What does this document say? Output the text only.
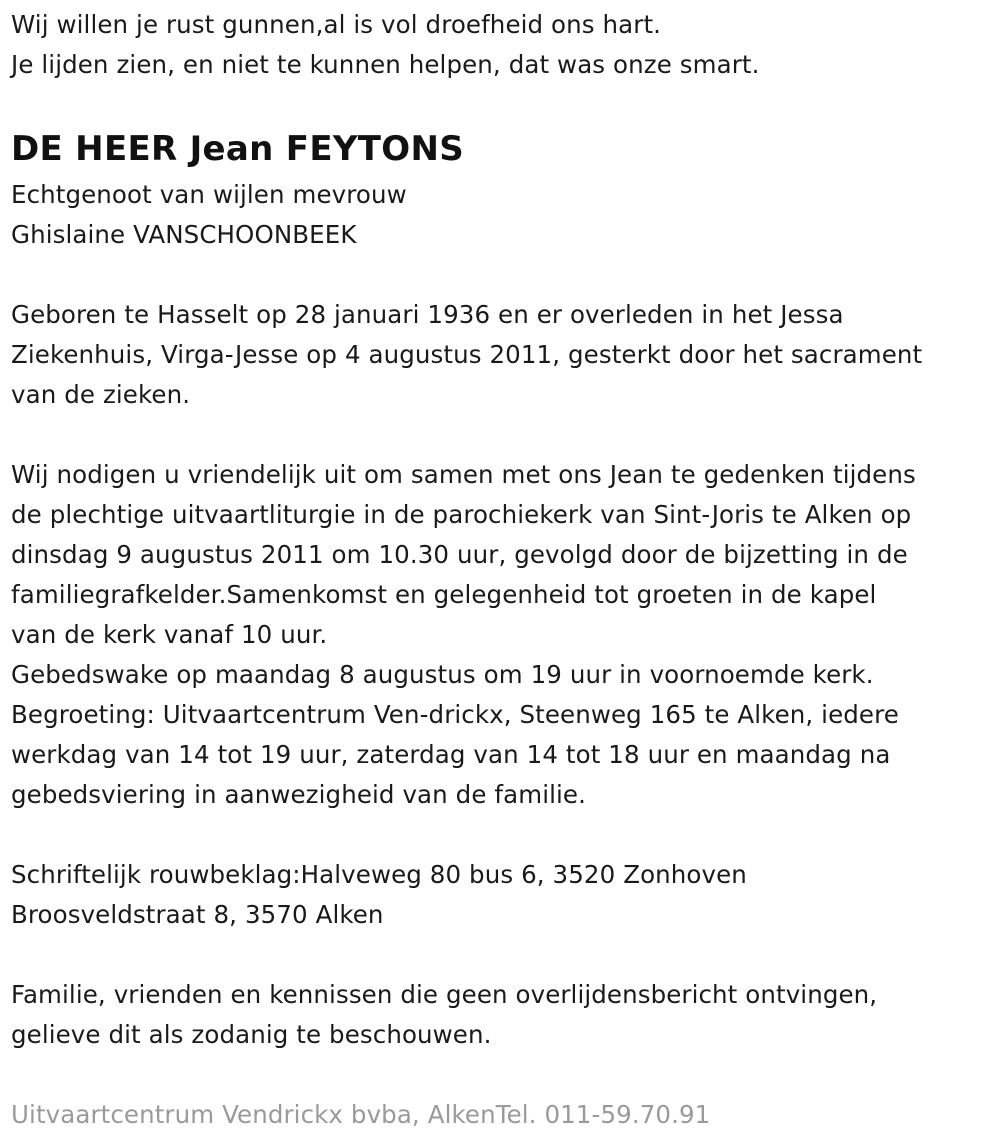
Wij willen je rust gunnen,al is vol droefheid ons hart.
Je lijden zien, en niet te kunnen helpen, dat was onze smart.
DE HEER Jean FEYTONS
Echtgenoot van wijlen mevrouw
Ghislaine VANSCHOONBEEK
Geboren te Hasselt op 28 januari 1936 en er overleden in het Jessa
Ziekenhuis, Virga-Jesse op 4 augustus 2011, gesterkt door het sacrament
van de zieken.
Wij nodigen u vriendelijk uit om samen met ons Jean te gedenken tijdens
de plechtige uitvaartliturgie in de parochiekerk van Sint-Joris te Alken op
dinsdag 9 augustus 2011 om 10.30 uur, gevolgd door de bijzetting in de
familiegrafkelder.Samenkomst en gelegenheid tot groeten in de kapel
van de kerk vanaf 10 uur.
Gebedswake op maandag 8 augustus om 19 uur in voornoemde kerk.
Begroeting: Uitvaartcentrum Ven-drickx, Steenweg 165 te Alken, iedere
werkdag van 14 tot 19 uur, zaterdag van 14 tot 18 uur en maandag na
gebedsviering in aanwezigheid van de familie.
Schriftelijk rouwbeklag:Halveweg 80 bus 6, 3520 Zonhoven
Broosveldstraat 8, 3570 Alken
Familie, vrienden en kennissen die geen overlijdensbericht ontvingen,
gelieve dit als zodanig te beschouwen.
Uitvaartcentrum Vendrickx bvba, AlkenTel. 011-59.70.91
